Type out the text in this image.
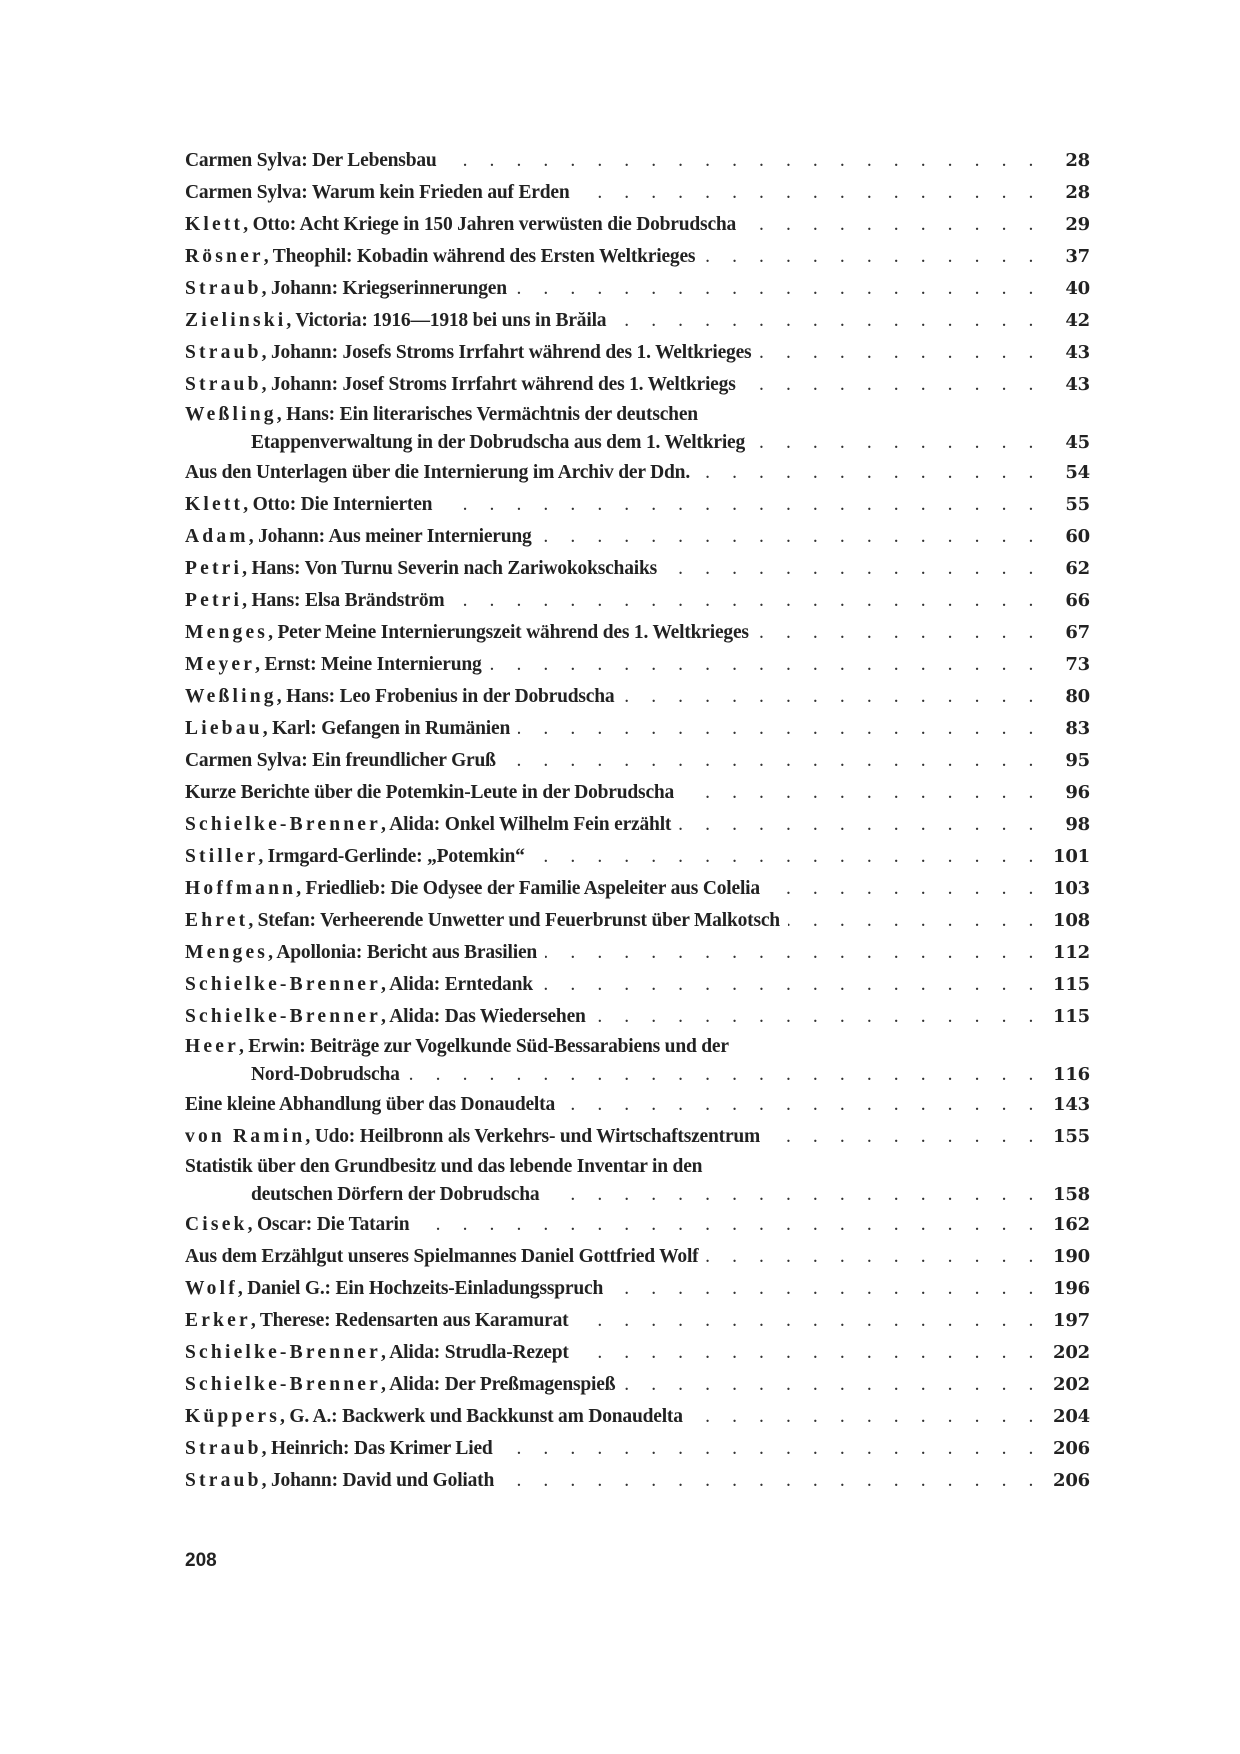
Carmen Sylva: Der Lebensbau . . .	28
Carmen Sylva: Warum kein Frieden auf Erden . . .	28
Klett, Otto: Acht Kriege in 150 Jahren verwüsten die Dobrudscha . . .	29
Rösner, Theophil: Kobadin während des Ersten Weltkrieges . . .	37
Straub, Johann: Kriegserinnerungen . . .	40
Zielinski, Victoria: 1916—1918 bei uns in Brăila . . .	42
Straub, Johann: Josefs Stroms Irrfahrt während des 1. Weltkrieges . . .	43
Straub, Johann: Josef Stroms Irrfahrt während des 1. Weltkriegs . . .	43
Weßling, Hans: Ein literarisches Vermächtnis der deutschen
Etappenverwaltung in der Dobrudscha aus dem 1. Weltkrieg . . .	45
Aus den Unterlagen über die Internierung im Archiv der Ddn. . . .	54
Klett, Otto: Die Internierten . . .	55
Adam, Johann: Aus meiner Internierung . . .	60
Petri, Hans: Von Turnu Severin nach Zariwokokschaiks . . .	62
Petri, Hans: Elsa Brändström . . .	66
Menges, Peter Meine Internierungszeit während des 1. Weltkrieges . . .	67
Meyer, Ernst: Meine Internierung . . .	73
Weßling, Hans: Leo Frobenius in der Dobrudscha . . .	80
Liebau, Karl: Gefangen in Rumänien . . .	83
Carmen Sylva: Ein freundlicher Gruß . . .	95
Kurze Berichte über die Potemkin-Leute in der Dobrudscha . . .	96
Schielke-Brenner, Alida: Onkel Wilhelm Fein erzählt . . .	98
Stiller, Irmgard-Gerlinde: „Potemkin“ . . .	101
Hoffmann, Friedlieb: Die Odysee der Familie Aspeleiter aus Colelia . . .	103
Ehret, Stefan: Verheerende Unwetter und Feuerbrunst über Malkotsch . . .	108
Menges, Apollonia: Bericht aus Brasilien . . .	112
Schielke-Brenner, Alida: Erntedank . . .	115
Schielke-Brenner, Alida: Das Wiedersehen . . .	115
Heer, Erwin: Beiträge zur Vogelkunde Süd-Bessarabiens und der
Nord-Dobrudscha . . .	116
Eine kleine Abhandlung über das Donaudelta . . .	143
von Ramin, Udo: Heilbronn als Verkehrs- und Wirtschaftszentrum . . .	155
Statistik über den Grundbesitz und das lebende Inventar in den
deutschen Dörfern der Dobrudscha . . .	158
Cisek, Oscar: Die Tatarin . . .	162
Aus dem Erzählgut unseres Spielmannes Daniel Gottfried Wolf . . .	190
Wolf, Daniel G.: Ein Hochzeits-Einladungsspruch . . .	196
Erker, Therese: Redensarten aus Karamurat . . .	197
Schielke-Brenner, Alida: Strudla-Rezept . . .	202
Schielke-Brenner, Alida: Der Preßmagenspieß . . .	202
Küppers, G. A.: Backwerk und Backkunst am Donaudelta . . .	204
Straub, Heinrich: Das Krimer Lied . . .	206
Straub, Johann: David und Goliath . . .	206
208
